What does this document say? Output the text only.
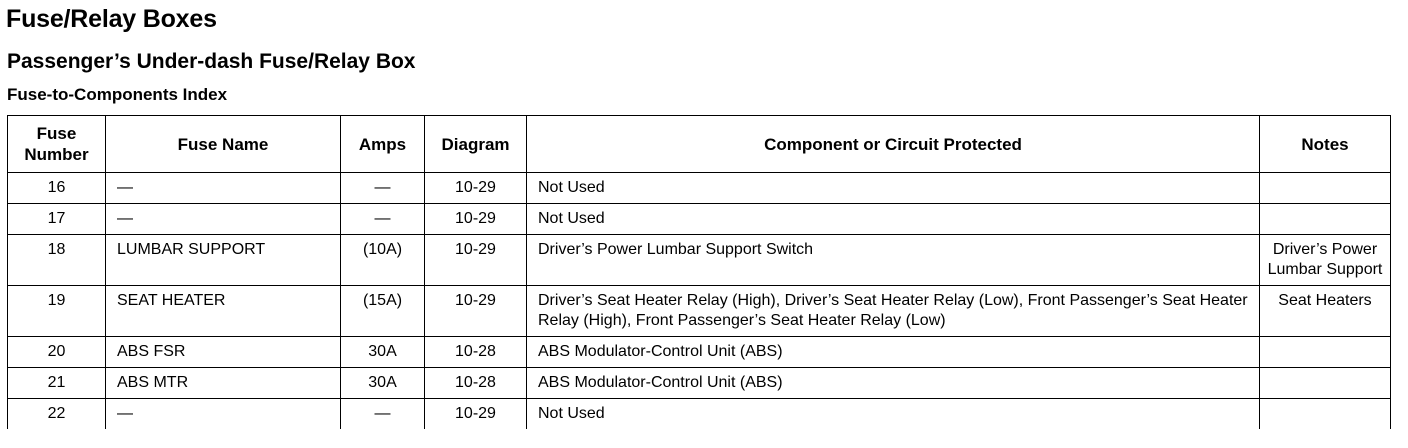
Fuse/Relay Boxes
Passenger’s Under-dash Fuse/Relay Box
Fuse-to-Components Index
Fuse
Number	Fuse Name	Amps	Diagram	Component or Circuit Protected	Notes
16	—	—	10-29	Not Used	
17	—	—	10-29	Not Used	
18	LUMBAR SUPPORT	(10A)	10-29	Driver’s Power Lumbar Support Switch	Driver’s Power Lumbar Support
19	SEAT HEATER	(15A)	10-29	Driver’s Seat Heater Relay (High), Driver’s Seat Heater Relay (Low), Front Passenger’s Seat Heater Relay (High), Front Passenger’s Seat Heater Relay (Low)	Seat Heaters
20	ABS FSR	30A	10-28	ABS Modulator-Control Unit (ABS)	
21	ABS MTR	30A	10-28	ABS Modulator-Control Unit (ABS)	
22	—	—	10-29	Not Used	
